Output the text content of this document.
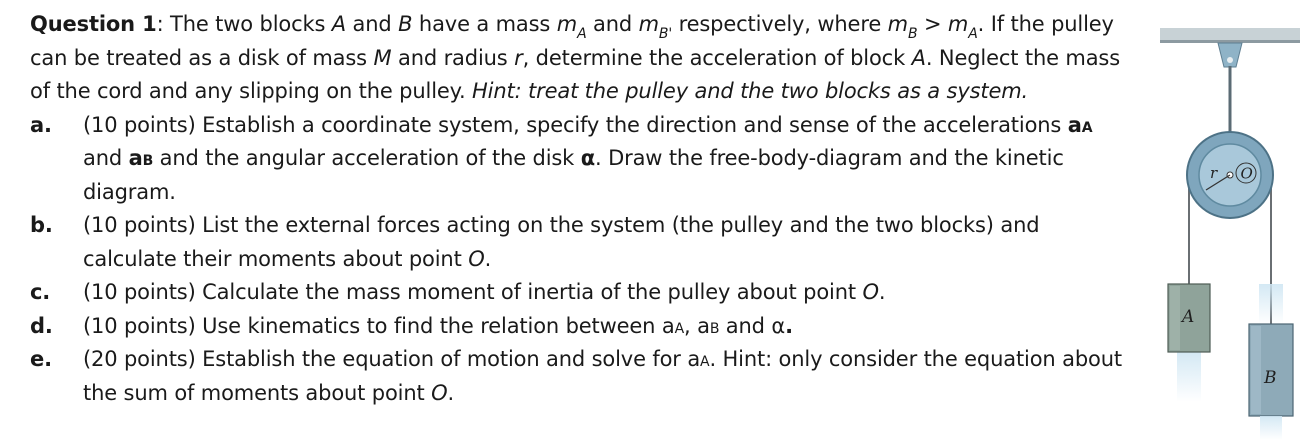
Question 1: The two blocks A and B have a mass $m_A$ and $m_{B'}$ respectively, where $m_B > m_A$. If the pulley can be treated as a disk of mass M and radius r, determine the acceleration of block A. Neglect the mass of the cord and any slipping on the pulley. Hint: treat the pulley and the two blocks as a system.

a. (10 points) Establish a coordinate system, specify the direction and sense of the accelerations aA and aB and the angular acceleration of the disk α. Draw the free-body-diagram and the kinetic diagram.
b. (10 points) List the external forces acting on the system (the pulley and the two blocks) and calculate their moments about point O.
c. (10 points) Calculate the mass moment of inertia of the pulley about point O.
d. (10 points) Use kinematics to find the relation between aA, aB and α.
e. (20 points) Establish the equation of motion and solve for aA. Hint: only consider the equation about the sum of moments about point O.
r O
A
B
